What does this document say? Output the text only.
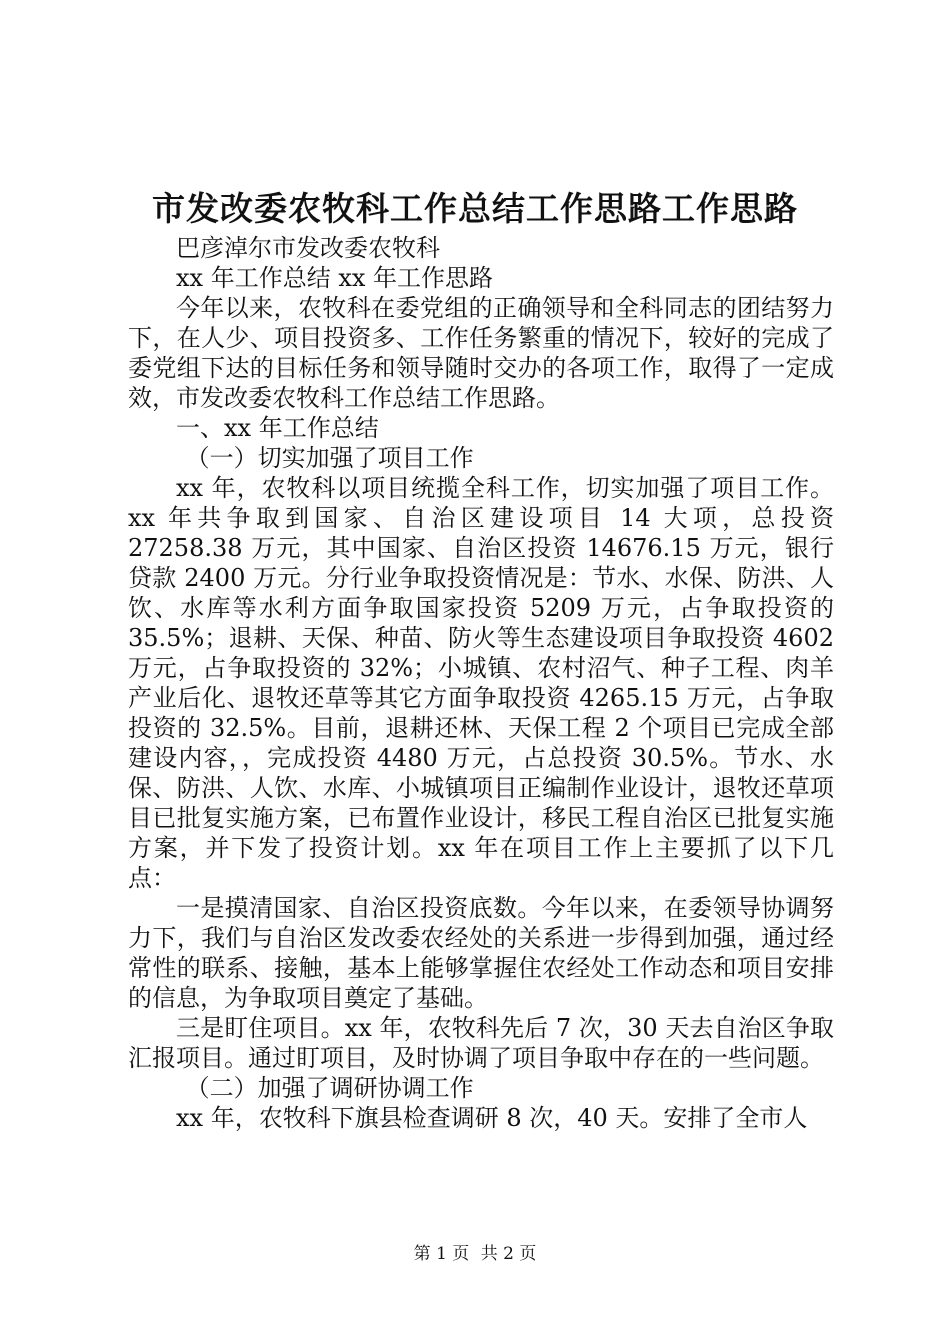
市发改委农牧科工作总结工作思路工作思路

巴彦淖尔市发改委农牧科

xx 年工作总结 xx 年工作思路

今年以来，农牧科在委党组的正确领导和全科同志的团结努力下，在人少、项目投资多、工作任务繁重的情况下，较好的完成了委党组下达的目标任务和领导随时交办的各项工作，取得了一定成效，市发改委农牧科工作总结工作思路。

一、xx 年工作总结

（一）切实加强了项目工作

xx 年，农牧科以项目统揽全科工作，切实加强了项目工作。xx 年共争取到国家、自治区建设项目 14 大项，总投资 27258.38 万元，其中国家、自治区投资 14676.15 万元，银行贷款 2400 万元。分行业争取投资情况是：节水、水保、防洪、人饮、水库等水利方面争取国家投资 5209 万元，占争取投资的 35.5%；退耕、天保、种苗、防火等生态建设项目争取投资 4602 万元，占争取投资的 32%；小城镇、农村沼气、种子工程、肉羊产业后化、退牧还草等其它方面争取投资 4265.15 万元，占争取投资的 32.5%。目前，退耕还林、天保工程 2 个项目已完成全部建设内容，，完成投资 4480 万元，占总投资 30.5%。节水、水保、防洪、人饮、水库、小城镇项目正编制作业设计，退牧还草项目已批复实施方案，已布置作业设计，移民工程自治区已批复实施方案，并下发了投资计划。xx 年在项目工作上主要抓了以下几点：

一是摸清国家、自治区投资底数。今年以来，在委领导协调努力下，我们与自治区发改委农经处的关系进一步得到加强，通过经常性的联系、接触，基本上能够掌握住农经处工作动态和项目安排的信息，为争取项目奠定了基础。

三是盯住项目。xx 年，农牧科先后 7 次，30 天去自治区争取汇报项目。通过盯项目，及时协调了项目争取中存在的一些问题。

（二）加强了调研协调工作

xx 年，农牧科下旗县检查调研 8 次，40 天。安排了全市人

第 1 页 共 2 页
